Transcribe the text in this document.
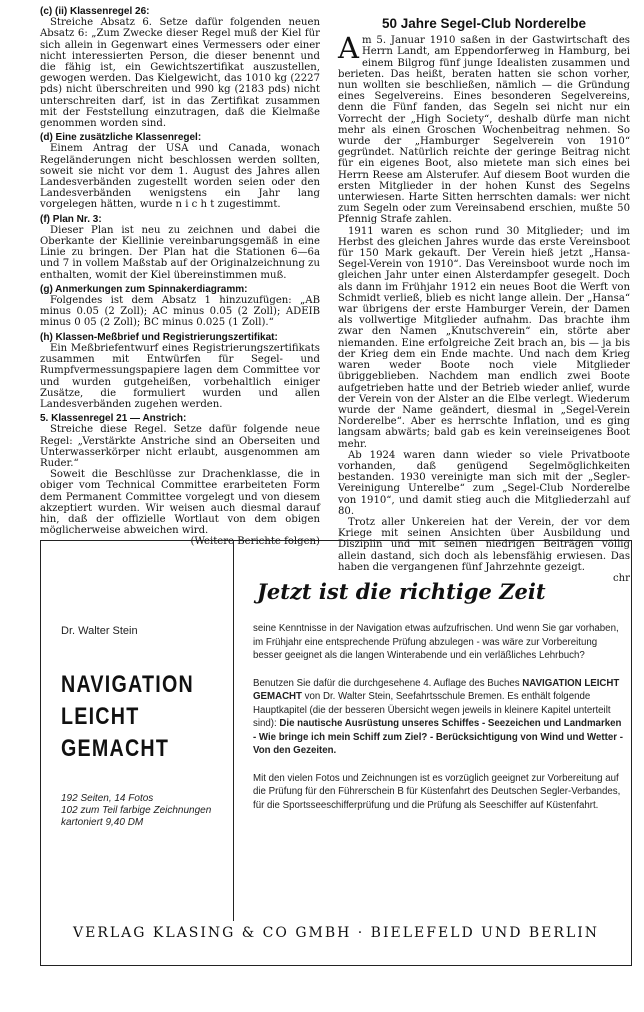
(c) (ii) Klassenregel 26:
Streiche Absatz 6. Setze dafür folgenden neuen Absatz 6: „Zum Zwecke dieser Regel muß der Kiel für sich allein in Gegenwart eines Vermessers oder einer nicht interessierten Person, die dieser benennt und die fähig ist, ein Gewichtszertifikat auszustellen, gewogen werden. Das Kielgewicht, das 1010 kg (2227 pds) nicht überschreiten und 990 kg (2183 pds) nicht unterschreiten darf, ist in das Zertifikat zusammen mit der Feststellung einzutragen, daß die Kielmaße genommen worden sind.
(d) Eine zusätzliche Klassenregel:
Einem Antrag der USA und Canada, wonach Regeländerungen nicht beschlossen werden sollten, soweit sie nicht vor dem 1. August des Jahres allen Landesverbänden zugestellt worden seien oder den Landesverbänden wenigstens ein Jahr lang vorgelegen hätten, wurde n i c h t zugestimmt.
(f) Plan Nr. 3:
Dieser Plan ist neu zu zeichnen und dabei die Oberkante der Kiellinie vereinbarungsgemäß in eine Linie zu bringen. Der Plan hat die Stationen 6—6a und 7 in vollem Maßstab auf der Originalzeichnung zu enthalten, womit der Kiel übereinstimmen muß.
(g) Anmerkungen zum Spinnakerdiagramm:
Folgendes ist dem Absatz 1 hinzuzufügen: „AB minus 0.05 (2 Zoll); AC minus 0.05 (2 Zoll); ADEIB minus 0 05 (2 Zoll); BC minus 0.025 (1 Zoll).“
(h) Klassen-Meßbrief und Registrierungszertifikat:
Ein Meßbriefentwurf eines Registrierungszertifikats zusammen mit Entwürfen für Segel- und Rumpfvermessungspapiere lagen dem Committee vor und wurden gutgeheißen, vorbehaltlich einiger Zusätze, die formuliert wurden und allen Landesverbänden zugehen werden.
5. Klassenregel 21 — Anstrich:
Streiche diese Regel. Setze dafür folgende neue Regel: „Verstärkte Anstriche sind an Oberseiten und Unterwasserkörper nicht erlaubt, ausgenommen am Ruder.“
Soweit die Beschlüsse zur Drachenklasse, die in obiger vom Technical Committee erarbeiteten Form dem Permanent Committee vorgelegt und von diesem akzeptiert wurden. Wir weisen auch diesmal darauf hin, daß der offizielle Wortlaut von dem obigen möglicherweise abweichen wird.
(Weitere Berichte folgen)
50 Jahre Segel-Club Norderelbe
Am 5. Januar 1910 saßen in der Gastwirtschaft des Herrn Landt, am Eppendorferweg in Hamburg, bei einem Bilgrog fünf junge Idealisten zusammen und berieten. Das heißt, beraten hatten sie schon vorher, nun wollten sie beschließen, nämlich — die Gründung eines Segelvereins. Eines besonderen Segelvereins, denn die Fünf fanden, das Segeln sei nicht nur ein Vorrecht der „High Society“, deshalb dürfe man nicht mehr als einen Groschen Wochenbeitrag nehmen. So wurde der „Hamburger Segelverein von 1910“ gegründet. Natürlich reichte der geringe Beitrag nicht für ein eigenes Boot, also mietete man sich eines bei Herrn Reese am Alsterufer. Auf diesem Boot wurden die ersten Mitglieder in der hohen Kunst des Segelns unterwiesen. Harte Sitten herrschten damals: wer nicht zum Segeln oder zum Vereinsabend erschien, mußte 50 Pfennig Strafe zahlen.
1911 waren es schon rund 30 Mitglieder; und im Herbst des gleichen Jahres wurde das erste Vereinsboot für 150 Mark gekauft. Der Verein hieß jetzt „Hansa-Segel-Verein von 1910“. Das Vereinsboot wurde noch im gleichen Jahr unter einen Alsterdampfer gesegelt. Doch als dann im Frühjahr 1912 ein neues Boot die Werft von Schmidt verließ, blieb es nicht lange allein. Der „Hansa“ war übrigens der erste Hamburger Verein, der Damen als vollwertige Mitglieder aufnahm. Das brachte ihm zwar den Namen „Knutschverein“ ein, störte aber niemanden. Eine erfolgreiche Zeit brach an, bis — ja bis der Krieg dem ein Ende machte. Und nach dem Krieg waren weder Boote noch viele Mitglieder übriggeblieben. Nachdem man endlich zwei Boote aufgetrieben hatte und der Betrieb wieder anlief, wurde der Verein von der Alster an die Elbe verlegt. Wiederum wurde der Name geändert, diesmal in „Segel-Verein Norderelbe“. Aber es herrschte Inflation, und es ging langsam abwärts; bald gab es kein vereinseigenes Boot mehr.
Ab 1924 waren dann wieder so viele Privatboote vorhanden, daß genügend Segelmöglichkeiten bestanden. 1930 vereinigte man sich mit der „Segler-Vereinigung Unterelbe“ zum „Segel-Club Norderelbe von 1910“, und damit stieg auch die Mitgliederzahl auf 80.
Trotz aller Unkereien hat der Verein, der vor dem Kriege mit seinen Ansichten über Ausbildung und Disziplin und mit seinen niedrigen Beiträgen völlig allein dastand, sich doch als lebensfähig erwiesen. Das haben die vergangenen fünf Jahrzehnte gezeigt.
chr
Dr. Walter Stein
NAVIGATION
LEICHT
GEMACHT
192 Seiten, 14 Fotos
102 zum Teil farbige Zeichnungen
kartoniert 9,40 DM
Jetzt ist die richtige Zeit

seine Kenntnisse in der Navigation etwas aufzufrischen. Und wenn Sie gar vorhaben, im Frühjahr eine entsprechende Prüfung abzulegen - was wäre zur Vorbereitung besser geeignet als die langen Winterabende und ein verläßliches Lehrbuch?

Benutzen Sie dafür die durchgesehene 4. Auflage des Buches NAVIGATION LEICHT GEMACHT von Dr. Walter Stein, Seefahrtsschule Bremen. Es enthält folgende Hauptkapitel (die der besseren Übersicht wegen jeweils in kleinere Kapitel unterteilt sind): Die nautische Ausrüstung unseres Schiffes - Seezeichen und Landmarken - Wie bringe ich mein Schiff zum Ziel? - Berücksichtigung von Wind und Wetter - Von den Gezeiten.

Mit den vielen Fotos und Zeichnungen ist es vorzüglich geeignet zur Vorbereitung auf die Prüfung für den Führerschein B für Küstenfahrt des Deutschen Segler-Verbandes, für die Sportsseeschifferprüfung und die Prüfung als Seeschiffer auf Küstenfahrt.

VERLAG KLASING & CO GMBH · BIELEFELD UND BERLIN
